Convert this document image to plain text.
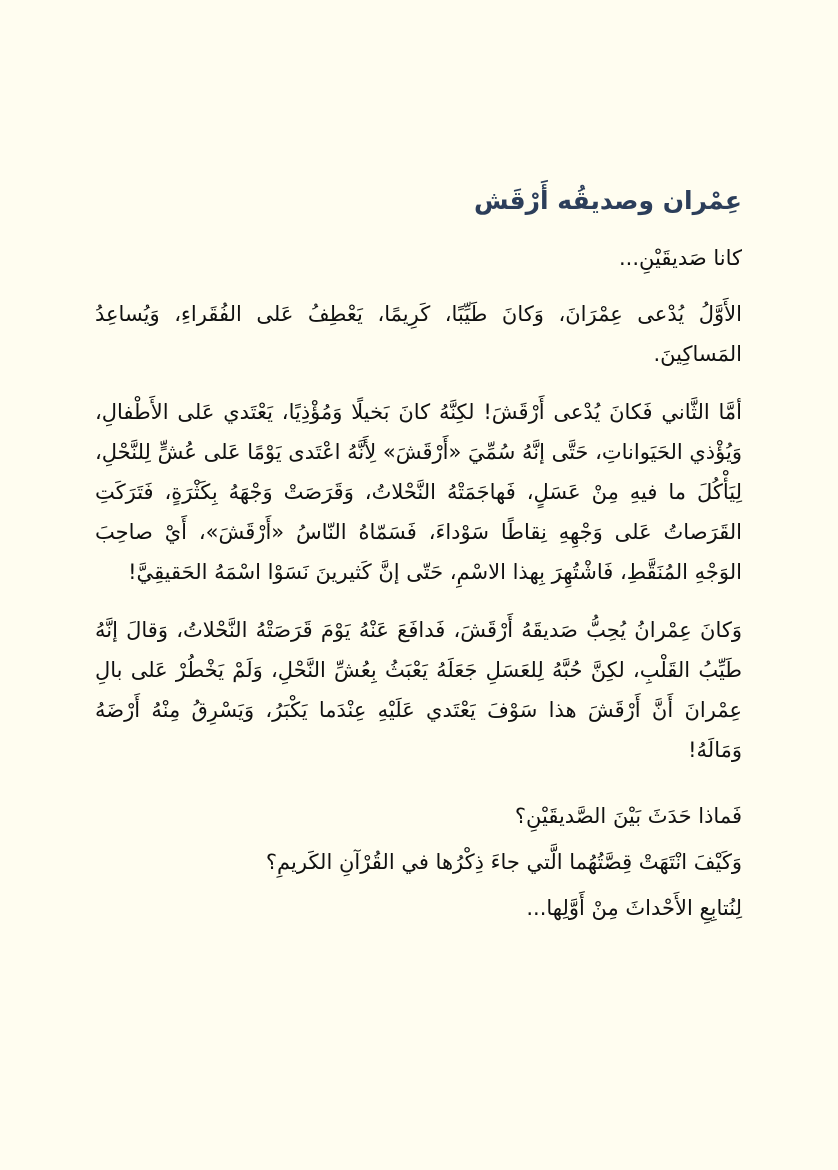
عِمْران وصديقُه أَرْقَش

كانا صَديقَيْنِ...

الأَوَّلُ يُدْعى عِمْرَانَ، وَكانَ طَيِّبًا، كَرِيمًا، يَعْطِفُ عَلى الفُقَراءِ، وَيُساعِدُ المَساكِينَ.

أمَّا الثَّاني فَكانَ يُدْعى أَرْقَشَ! لكِنَّهُ كانَ بَخيلًا وَمُؤْذِيًا، يَعْتَدي عَلى الأَطْفالِ، وَيُؤْذي الحَيَواناتِ، حَتَّى إنَّهُ سُمِّيَ «أَرْقَشَ» لِأَنَّهُ اعْتَدى يَوْمًا عَلى عُشٍّ لِلنَّحْلِ، لِيَأْكُلَ ما فيهِ مِنْ عَسَلٍ، فَهاجَمَتْهُ النَّحْلاتُ، وَقَرَصَتْ وَجْهَهُ بِكَثْرَةٍ، فَتَرَكَتِ القَرَصاتُ عَلى وَجْهِهِ نِقاطًا سَوْداءَ، فَسَمّاهُ النّاسُ «أَرْقَشَ»، أَيْ صاحِبَ الوَجْهِ المُنَقَّطِ، فَاشْتُهِرَ بِهذا الاسْمِ، حَتّى إنَّ كَثيرينَ نَسَوْا اسْمَهُ الحَقيقِيَّ!

وَكانَ عِمْرانُ يُحِبُّ صَديقَهُ أَرْقَشَ، فَدافَعَ عَنْهُ يَوْمَ قَرَصَتْهُ النَّحْلاتُ، وَقالَ إنَّهُ طَيِّبُ القَلْبِ، لكِنَّ حُبَّهُ لِلعَسَلِ جَعَلَهُ يَعْبَثُ بِعُشِّ النَّحْلِ، وَلَمْ يَخْطُرْ عَلى بالِ عِمْرانَ أَنَّ أَرْقَشَ هذا سَوْفَ يَعْتَدي عَلَيْهِ عِنْدَما يَكْبَرُ، وَيَسْرِقُ مِنْهُ أَرْضَهُ وَمَالَهُ!

فَماذا حَدَثَ بَيْنَ الصَّديقَيْنِ؟
وَكَيْفَ انْتَهَتْ قِصَّتُهُما الَّتي جاءَ ذِكْرُها في القُرْآنِ الكَريمِ؟
لِنُتابِعِ الأَحْداثَ مِنْ أَوَّلِها...
